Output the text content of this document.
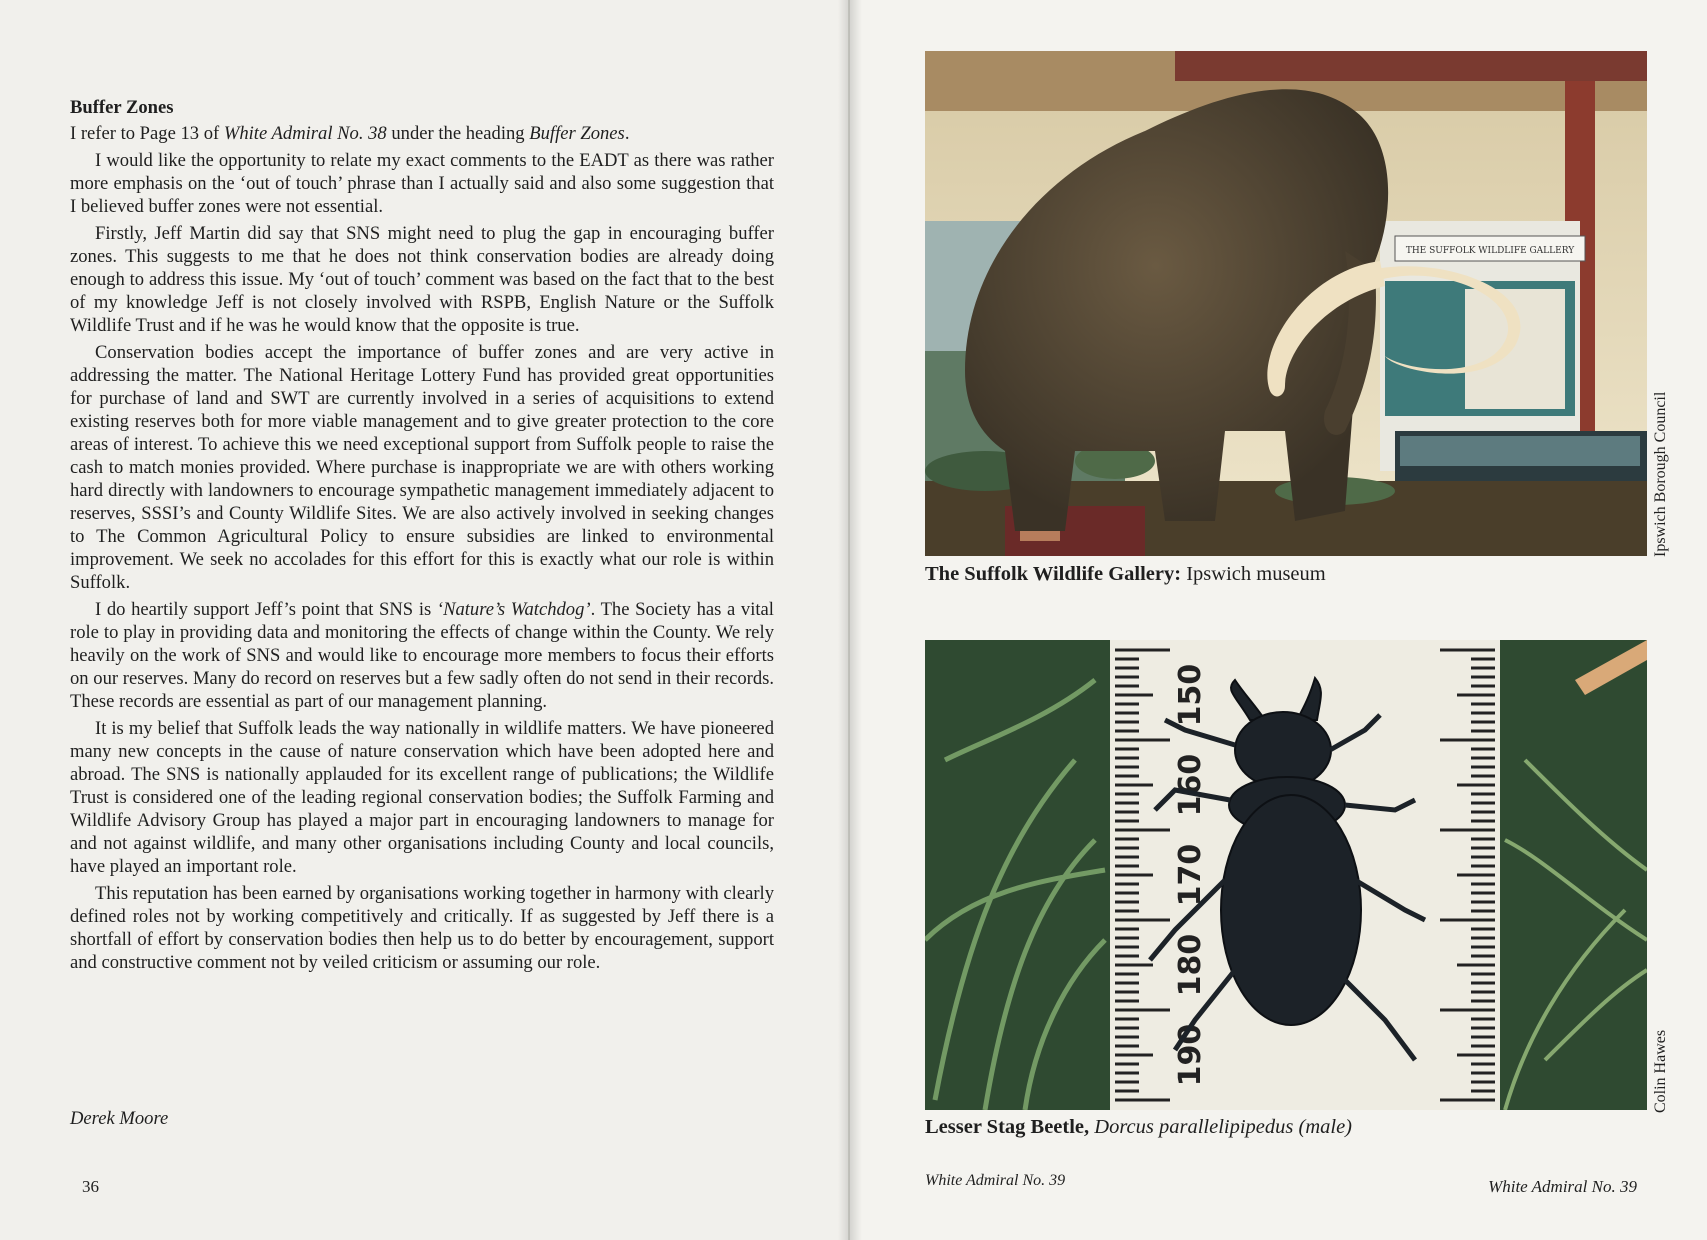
Buffer Zones

I refer to Page 13 of White Admiral No. 38 under the heading Buffer Zones.

I would like the opportunity to relate my exact comments to the EADT as there was rather more emphasis on the ‘out of touch’ phrase than I actually said and also some suggestion that I believed buffer zones were not essential.

Firstly, Jeff Martin did say that SNS might need to plug the gap in encouraging buffer zones. This suggests to me that he does not think conservation bodies are already doing enough to address this issue. My ‘out of touch’ comment was based on the fact that to the best of my knowledge Jeff is not closely involved with RSPB, English Nature or the Suffolk Wildlife Trust and if he was he would know that the opposite is true.

Conservation bodies accept the importance of buffer zones and are very active in addressing the matter. The National Heritage Lottery Fund has provided great opportunities for purchase of land and SWT are currently involved in a series of acquisitions to extend existing reserves both for more viable management and to give greater protection to the core areas of interest. To achieve this we need exceptional support from Suffolk people to raise the cash to match monies provided. Where purchase is inappropriate we are with others working hard directly with landowners to encourage sympathetic management immediately adjacent to reserves, SSSI’s and County Wildlife Sites. We are also actively involved in seeking changes to The Common Agricultural Policy to ensure subsidies are linked to environmental improvement. We seek no accolades for this effort for this is exactly what our role is within Suffolk.

I do heartily support Jeff’s point that SNS is ‘Nature’s Watchdog’. The Society has a vital role to play in providing data and monitoring the effects of change within the County. We rely heavily on the work of SNS and would like to encourage more members to focus their efforts on our reserves. Many do record on reserves but a few sadly often do not send in their records. These records are essential as part of our management planning.

It is my belief that Suffolk leads the way nationally in wildlife matters. We have pioneered many new concepts in the cause of nature conservation which have been adopted here and abroad. The SNS is nationally applauded for its excellent range of publications; the Wildlife Trust is considered one of the leading regional conservation bodies; the Suffolk Farming and Wildlife Advisory Group has played a major part in encouraging landowners to manage for and not against wildlife, and many other organisations including County and local councils, have played an important role.

This reputation has been earned by organisations working together in harmony with clearly defined roles not by working competitively and critically. If as suggested by Jeff there is a shortfall of effort by conservation bodies then help us to do better by encouragement, support and constructive comment not by veiled criticism or assuming our role.

Derek Moore
36	White Admiral No. 39
THE SUFFOLK WILDLIFE GALLERY
The Suffolk Wildlife Gallery: Ipswich museum
Ipswich Borough Council
150
160
170
180
190
Lesser Stag Beetle, Dorcus parallelipipedus (male)
Colin Hawes
White Admiral No. 39
